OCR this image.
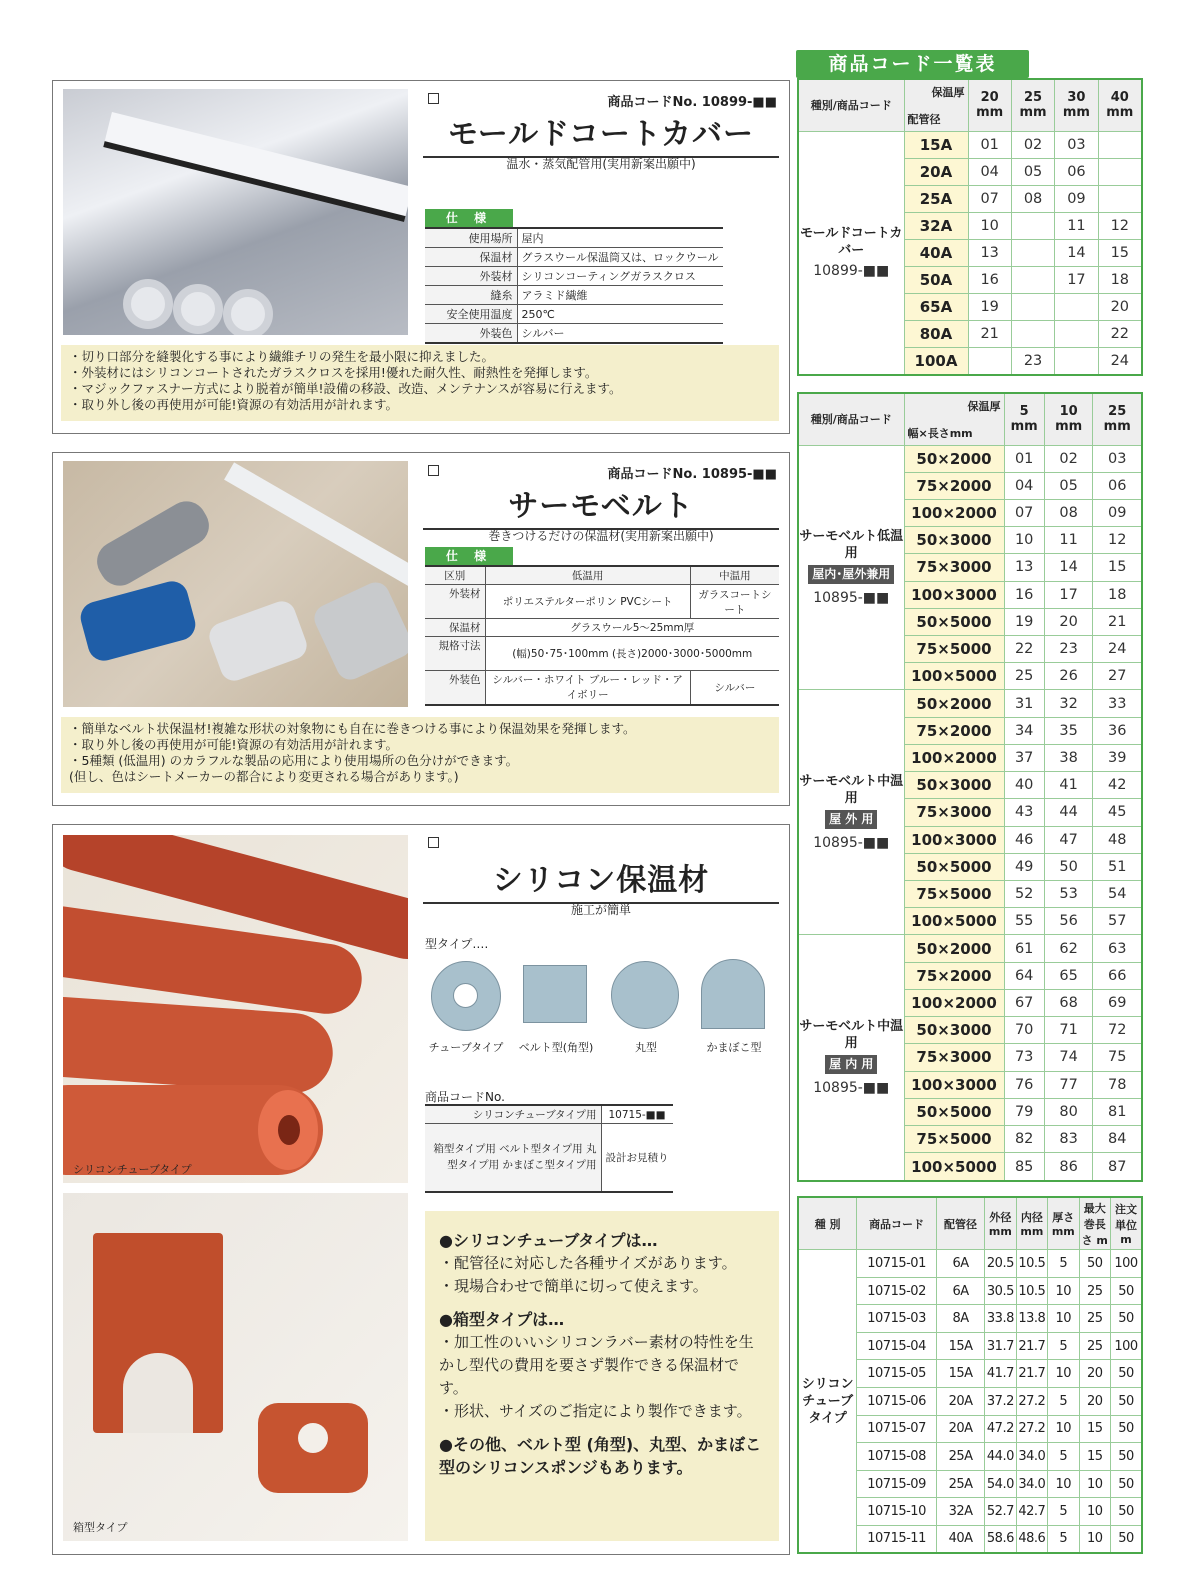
商品コードNo. 10899-■■
モールドコートカバー
温水・蒸気配管用(実用新案出願中)
仕 様
使用場所	屋内
保温材	グラスウール保温筒又は、ロックウール
外装材	シリコンコーティングガラスクロス
縫糸	アラミド繊維
安全使用温度	250℃
外装色	シルバー
・切り口部分を縫製化する事により繊維チリの発生を最小限に抑えました。
・外装材にはシリコンコートされたガラスクロスを採用!優れた耐久性、耐熱性を発揮します。
・マジックファスナー方式により脱着が簡単!設備の移設、改造、メンテナンスが容易に行えます。
・取り外し後の再使用が可能!資源の有効活用が計れます。
商品コードNo. 10895-■■
サーモベルト
巻きつけるだけの保温材(実用新案出願中)
仕 様
区別	低温用	中温用
外装材	ポリエステルターポリン PVCシート	ガラスコートシート
保温材	グラスウール5〜25mm厚	
規格寸法	(幅)50･75･100mm (長さ)2000･3000･5000mm	
外装色	シルバー・ホワイト ブルー・レッド・アイボリー	シルバー
・簡単なベルト状保温材!複雑な形状の対象物にも自在に巻きつける事により保温効果を発揮します。
・取り外し後の再使用が可能!資源の有効活用が計れます。
・5種類 (低温用) のカラフルな製品の応用により使用場所の色分けができます。
(但し、色はシートメーカーの都合により変更される場合があります。)
シリコンチューブタイプ
箱型タイプ
シリコン保温材
施工が簡単
型タイプ‥‥
チューブタイプ	ベルト型(角型)	丸型	かまぼこ型
商品コードNo.
シリコンチューブタイプ用	10715-■■
箱型タイプ用 ベルト型タイプ用 丸型タイプ用 かまぼこ型タイプ用	設計お見積り
●シリコンチューブタイプは…
・配管径に対応した各種サイズがあります。
・現場合わせで簡単に切って使えます。
●箱型タイプは…
・加工性のいいシリコンラバー素材の特性を生かし型代の費用を要さず製作できる保温材です。
・形状、サイズのご指定により製作できます。
●その他、ベルト型 (角型)、丸型、かまぼこ型のシリコンスポンジもあります。
商品コード一覧表
種別/商品コード	保温厚
配管径	20 mm	25 mm	30 mm	40 mm

モールドコートカバー
10899-■■	15A	01	02	03	
	20A	04	05	06	
	25A	07	08	09	
	32A	10		11	12
	40A	13		14	15
	50A	16		17	18
	65A	19			20
	80A	21			22
	100A		23		24
種別/商品コード	保温厚
幅×長さmm	5 mm	10 mm	25 mm

サーモベルト低温用
屋内･屋外兼用
10895-■■	50×2000	01	02	03
	75×2000	04	05	06
	100×2000	07	08	09
	50×3000	10	11	12
	75×3000	13	14	15
	100×3000	16	17	18
	50×5000	19	20	21
	75×5000	22	23	24
	100×5000	25	26	27

サーモベルト中温用
屋 外 用
10895-■■	50×2000	31	32	33
	75×2000	34	35	36
	100×2000	37	38	39
	50×3000	40	41	42
	75×3000	43	44	45
	100×3000	46	47	48
	50×5000	49	50	51
	75×5000	52	53	54
	100×5000	55	56	57

サーモベルト中温用
屋 内 用
10895-■■	50×2000	61	62	63
	75×2000	64	65	66
	100×2000	67	68	69
	50×3000	70	71	72
	75×3000	73	74	75
	100×3000	76	77	78
	50×5000	79	80	81
	75×5000	82	83	84
	100×5000	85	86	87
種 別	商品コード	配管径	外径 mm	内径 mm	厚さ mm	最大巻長さ m	注文単位 m
シリコンチューブタイプ	10715-01	6A	20.5	10.5	5	50	100
	10715-02	6A	30.5	10.5	10	25	50
	10715-03	8A	33.8	13.8	10	25	50
	10715-04	15A	31.7	21.7	5	25	100
	10715-05	15A	41.7	21.7	10	20	50
	10715-06	20A	37.2	27.2	5	20	50
	10715-07	20A	47.2	27.2	10	15	50
	10715-08	25A	44.0	34.0	5	15	50
	10715-09	25A	54.0	34.0	10	10	50
	10715-10	32A	52.7	42.7	5	10	50
	10715-11	40A	58.6	48.6	5	10	50
